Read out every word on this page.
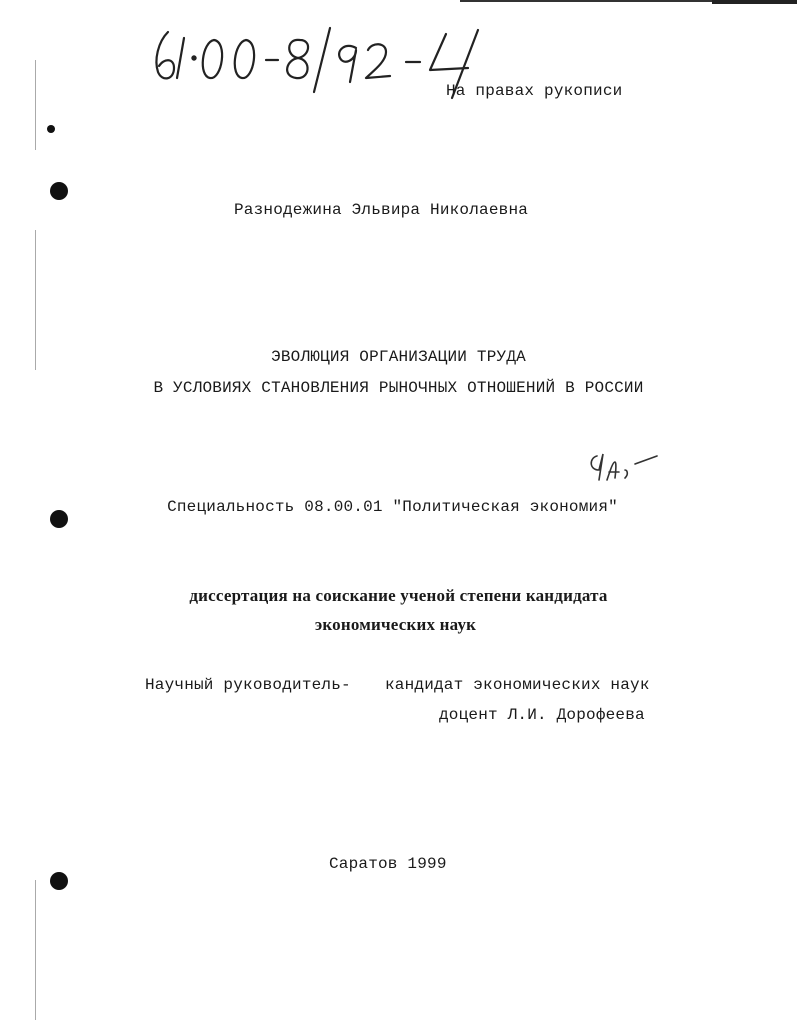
На правах рукописи
Разнодежина Эльвира Николаевна
ЭВОЛЮЦИЯ ОРГАНИЗАЦИИ ТРУДА
В УСЛОВИЯХ СТАНОВЛЕНИЯ РЫНОЧНЫХ ОТНОШЕНИЙ В РОССИИ
Специальность 08.00.01 "Политическая экономия"
диссертация на соискание ученой степени кандидата
экономических наук
Научный руководитель- кандидат экономических наук
доцент Л.И. Дорофеева
Саратов 1999
